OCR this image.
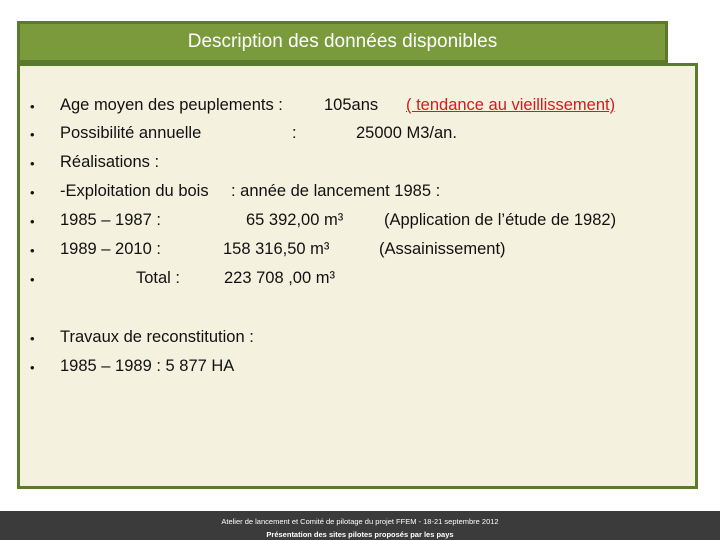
Description des données disponibles
• Age moyen des peuplements : 105ans ( tendance au vieillissement)
• Possibilité annuelle	:	25000 M3/an.
• Réalisations :
• -Exploitation du bois : année de lancement 1985 :
• 1985 – 1987 :	65 392,00 m³ (Application de l’étude de 1982)
• 1989 – 2010 :	158 316,50 m³	(Assainissement)
•	Total :	223 708 ,00 m³
• Travaux de reconstitution :
• 1985 – 1989 : 5 877 HA
Atelier de lancement et Comité de pilotage du projet FFEM - 18-21 septembre 2012
Présentation des sites pilotes proposés par les pays
